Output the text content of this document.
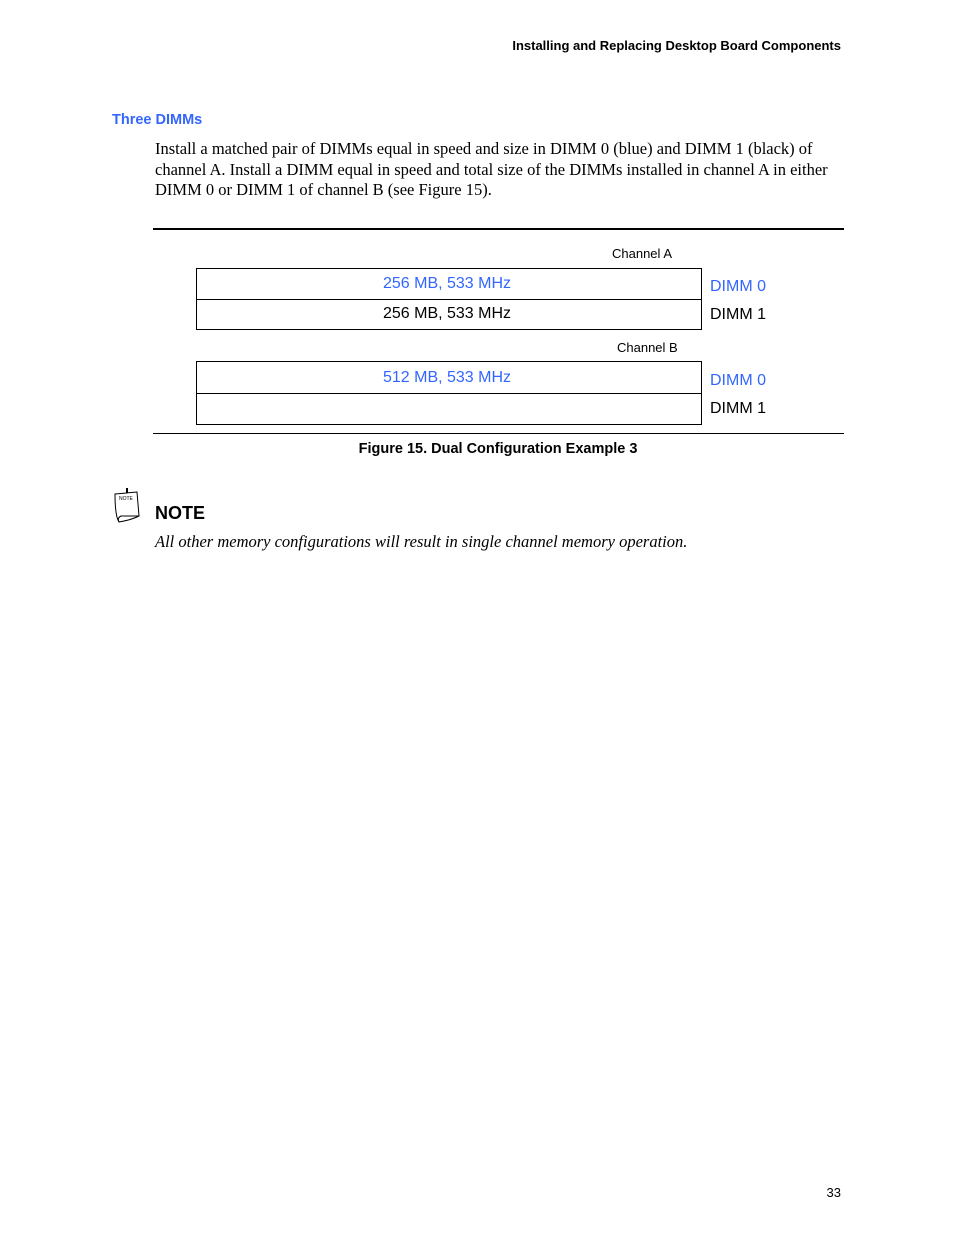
Installing and Replacing Desktop Board Components
Three DIMMs
Install a matched pair of DIMMs equal in speed and size in DIMM 0 (blue) and DIMM 1 (black) of channel A. Install a DIMM equal in speed and total size of the DIMMs installed in channel A in either DIMM 0 or DIMM 1 of channel B (see Figure 15).
Channel A
256 MB, 533 MHz
256 MB, 533 MHz
DIMM 0
DIMM 1
Channel B
512 MB, 533 MHz	DIMM 0
DIMM 1
Figure 15. Dual Configuration Example 3
NOTE
NOTE
All other memory configurations will result in single channel memory operation.
33
